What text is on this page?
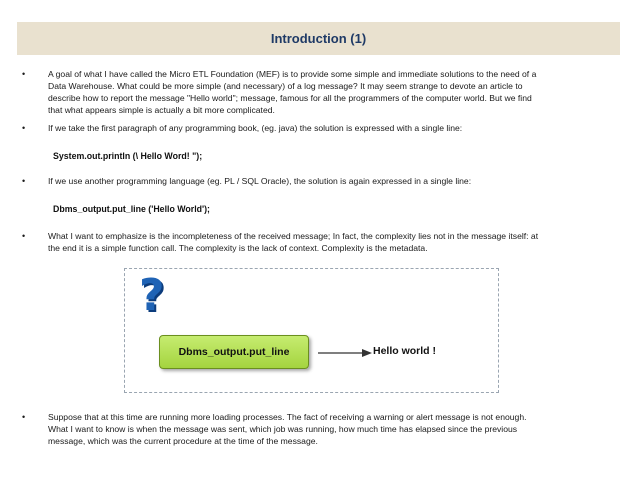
Introduction (1)
•	A goal of what I have called the Micro ETL Foundation (MEF) is to provide some simple and immediate solutions to the need of a
Data Warehouse. What could be more simple (and necessary) of a log message? It may seem strange to devote an article to
describe how to report the message "Hello world"; message, famous for all the programmers of the computer world. But we find
that what appears simple is actually a bit more complicated.
•	If we take the first paragraph of any programming book, (eg. java) the solution is expressed with a single line:
System.out.println (\ Hello Word! ");
•	If we use another programming language (eg. PL / SQL Oracle), the solution is again expressed in a single line:
Dbms_output.put_line ('Hello World');
•	What I want to emphasize is the incompleteness of the received message; In fact, the complexity lies not in the message itself: at
the end it is a simple function call. The complexity is the lack of context. Complexity is the metadata.
?
Dbms_output.put_line	Hello world !
•	Suppose that at this time are running more loading processes. The fact of receiving a warning or alert message is not enough.
What I want to know is when the message was sent, which job was running, how much time has elapsed since the previous
message, which was the current procedure at the time of the message.
